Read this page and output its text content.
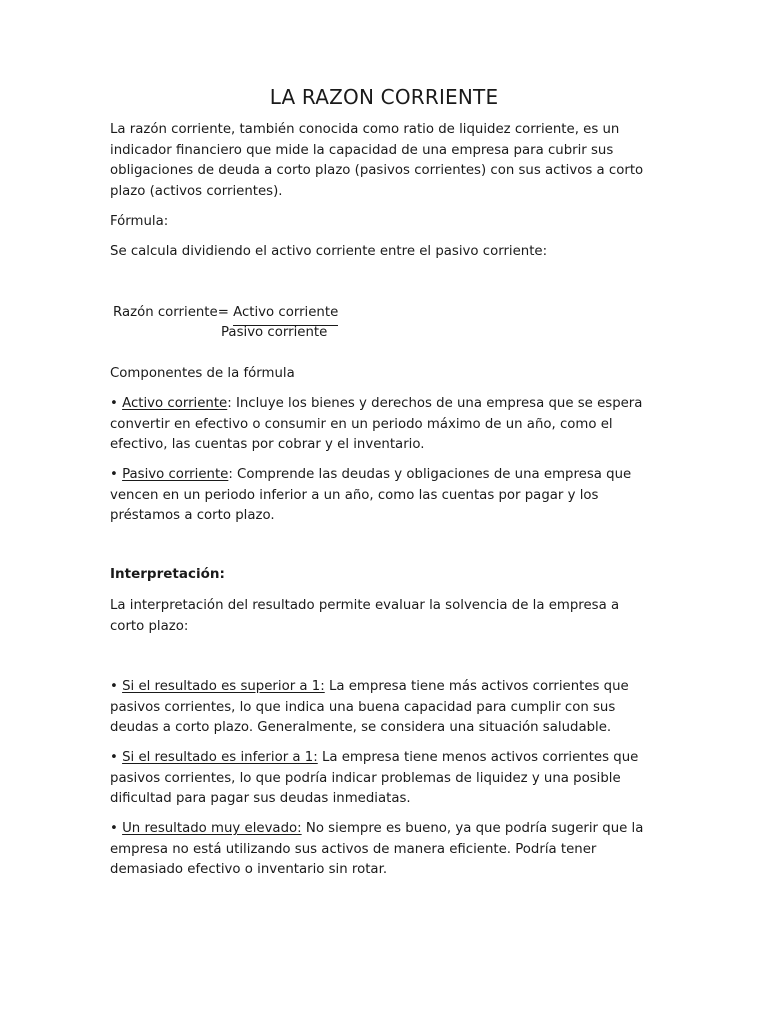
LA RAZON CORRIENTE

La razón corriente, también conocida como ratio de liquidez corriente, es un indicador financiero que mide la capacidad de una empresa para cubrir sus obligaciones de deuda a corto plazo (pasivos corrientes) con sus activos a corto plazo (activos corrientes).

Fórmula:

Se calcula dividiendo el activo corriente entre el pasivo corriente:

Razón corriente= Activo corriente
Pasivo corriente

Componentes de la fórmula

• Activo corriente: Incluye los bienes y derechos de una empresa que se espera convertir en efectivo o consumir en un periodo máximo de un año, como el efectivo, las cuentas por cobrar y el inventario.

• Pasivo corriente: Comprende las deudas y obligaciones de una empresa que vencen en un periodo inferior a un año, como las cuentas por pagar y los préstamos a corto plazo.

Interpretación:

La interpretación del resultado permite evaluar la solvencia de la empresa a corto plazo:

• Si el resultado es superior a 1: La empresa tiene más activos corrientes que pasivos corrientes, lo que indica una buena capacidad para cumplir con sus deudas a corto plazo. Generalmente, se considera una situación saludable.

• Si el resultado es inferior a 1: La empresa tiene menos activos corrientes que pasivos corrientes, lo que podría indicar problemas de liquidez y una posible dificultad para pagar sus deudas inmediatas.

• Un resultado muy elevado: No siempre es bueno, ya que podría sugerir que la empresa no está utilizando sus activos de manera eficiente. Podría tener demasiado efectivo o inventario sin rotar.
